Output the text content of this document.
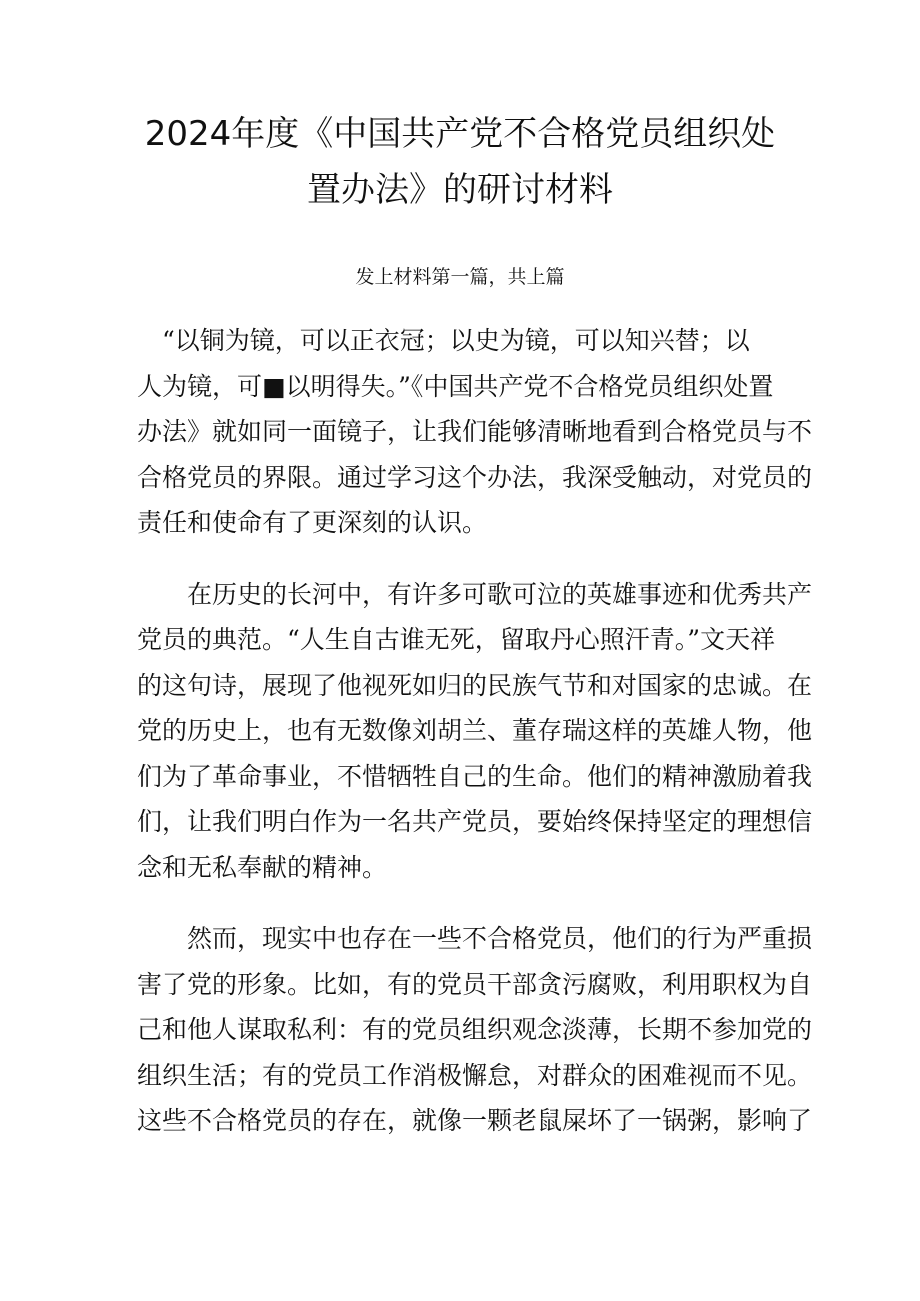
2024年度《中国共产党不合格党员组织处
置办法》的研讨材料

发上材料第一篇，共上篇

　“以铜为镜，可以正衣冠；以史为镜，可以知兴替；以
人为镜，可■以明得失。”《中国共产党不合格党员组织处置
办法》就如同一面镜子，让我们能够清晰地看到合格党员与不
合格党员的界限。通过学习这个办法，我深受触动，对党员的
责任和使命有了更深刻的认识。

　　在历史的长河中，有许多可歌可泣的英雄事迹和优秀共产
党员的典范。“人生自古谁无死，留取丹心照汗青。”文天祥
的这句诗，展现了他视死如归的民族气节和对国家的忠诚。在
党的历史上，也有无数像刘胡兰、董存瑞这样的英雄人物，他
们为了革命事业，不惜牺牲自己的生命。他们的精神激励着我
们，让我们明白作为一名共产党员，要始终保持坚定的理想信
念和无私奉献的精神。

　　然而，现实中也存在一些不合格党员，他们的行为严重损
害了党的形象。比如，有的党员干部贪污腐败，利用职权为自
己和他人谋取私利：有的党员组织观念淡薄，长期不参加党的
组织生活；有的党员工作消极懈怠，对群众的困难视而不见。
这些不合格党员的存在，就像一颗老鼠屎坏了一锅粥，影响了
